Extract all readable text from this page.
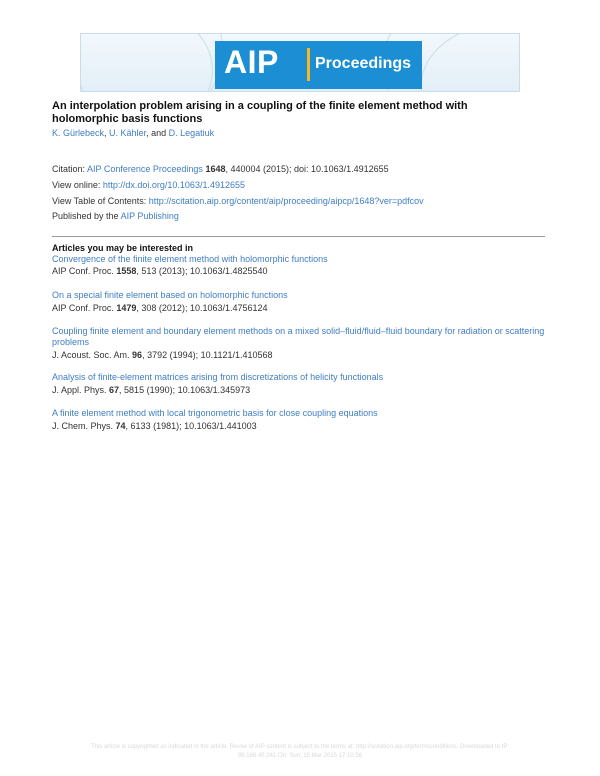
AIP Proceedings
An interpolation problem arising in a coupling of the finite element method with holomorphic basis functions
K. Gürlebeck, U. Kähler, and D. Legatiuk
Citation: AIP Conference Proceedings 1648, 440004 (2015); doi: 10.1063/1.4912655
View online: http://dx.doi.org/10.1063/1.4912655
View Table of Contents: http://scitation.aip.org/content/aip/proceeding/aipcp/1648?ver=pdfcov
Published by the AIP Publishing
Articles you may be interested in
Convergence of the finite element method with holomorphic functions
AIP Conf. Proc. 1558, 513 (2013); 10.1063/1.4825540
On a special finite element based on holomorphic functions
AIP Conf. Proc. 1479, 308 (2012); 10.1063/1.4756124
Coupling finite element and boundary element methods on a mixed solid–fluid/fluid–fluid boundary for radiation or scattering problems
J. Acoust. Soc. Am. 96, 3792 (1994); 10.1121/1.410568
Analysis of finite‐element matrices arising from discretizations of helicity functionals
J. Appl. Phys. 67, 5815 (1990); 10.1063/1.345973
A finite element method with local trigonometric basis for close coupling equations
J. Chem. Phys. 74, 6133 (1981); 10.1063/1.441003
This article is copyrighted as indicated in the article. Reuse of AIP content is subject to the terms at: http://scitation.aip.org/termsconditions. Downloaded to IP:
89.166.45.241 On: Sun, 15 Mar 2015 17:10:56
